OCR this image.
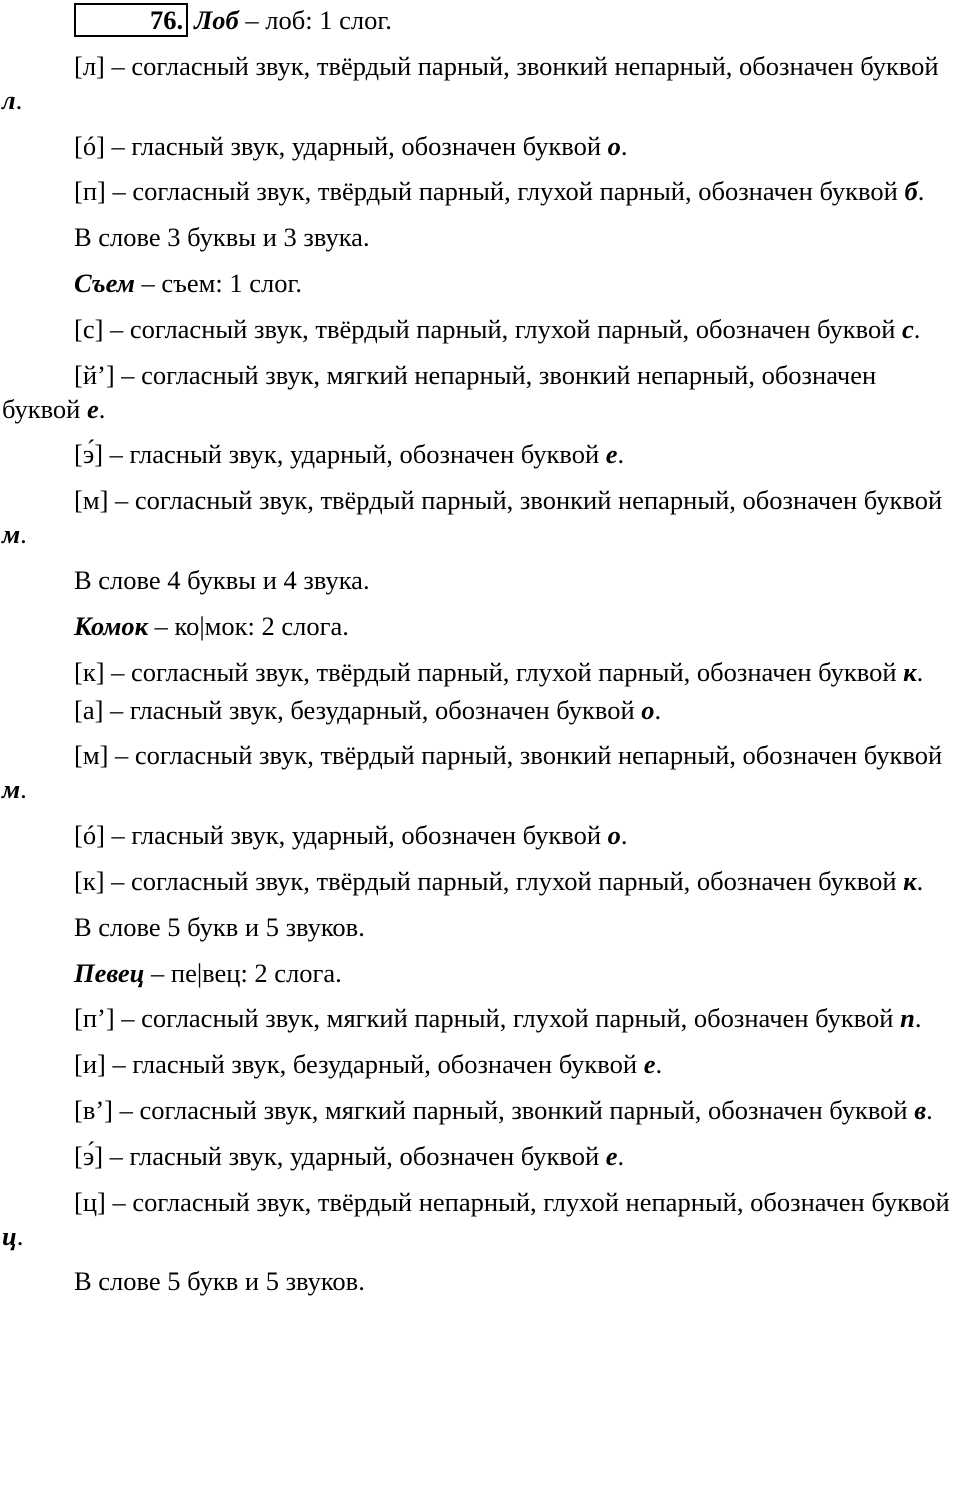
76. Лоб – лоб: 1 слог.

[л] – согласный звук, твёрдый парный, звонкий непарный, обозначен буквой л.

[ó] – гласный звук, ударный, обозначен буквой о.

[п] – согласный звук, твёрдый парный, глухой парный, обозначен буквой б.

В слове 3 буквы и 3 звука.

Съем – съем: 1 слог.

[с] – согласный звук, твёрдый парный, глухой парный, обозначен буквой с.

[й’] – согласный звук, мягкий непарный, звонкий непарный, обозначен буквой е.

[э́] – гласный звук, ударный, обозначен буквой е.

[м] – согласный звук, твёрдый парный, звонкий непарный, обозначен буквой м.

В слове 4 буквы и 4 звука.

Комок – ко|мок: 2 слога.

[к] – согласный звук, твёрдый парный, глухой парный, обозначен буквой к.

[а] – гласный звук, безударный, обозначен буквой о.

[м] – согласный звук, твёрдый парный, звонкий непарный, обозначен буквой м.

[ó] – гласный звук, ударный, обозначен буквой о.

[к] – согласный звук, твёрдый парный, глухой парный, обозначен буквой к.

В слове 5 букв и 5 звуков.

Певец – пе|вец: 2 слога.

[п’] – согласный звук, мягкий парный, глухой парный, обозначен буквой п.

[и] – гласный звук, безударный, обозначен буквой е.

[в’] – согласный звук, мягкий парный, звонкий парный, обозначен буквой в.

[э́] – гласный звук, ударный, обозначен буквой е.

[ц] – согласный звук, твёрдый непарный, глухой непарный, обозначен буквой ц.

В слове 5 букв и 5 звуков.
